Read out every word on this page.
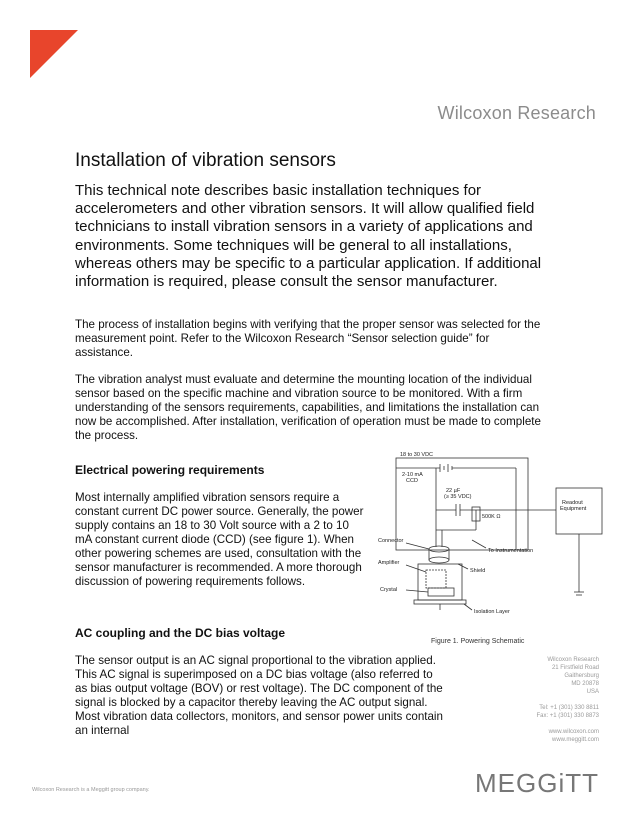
Wilcoxon Research
Installation of vibration sensors

This technical note describes basic installation techniques for accelerometers and other vibration sensors. It will allow qualified field technicians to install vibration sensors in a variety of applications and environments. Some techniques will be general to all installations, whereas others may be specific to a particular application. If additional information is required, please consult the sensor manufacturer.

The process of installation begins with verifying that the proper sensor was selected for the measurement point. Refer to the Wilcoxon Research “Sensor selection guide” for assistance.

The vibration analyst must evaluate and determine the mounting location of the individual sensor based on the specific machine and vibration source to be monitored. With a firm understanding of the sensors requirements, capabilities, and limitations the installation can now be accomplished. After installation, verification of operation must be made to complete the process.

Electrical powering requirements

Most internally amplified vibration sensors require a constant current DC power source. Generally, the power supply contains an 18 to 30 Volt source with a 2 to 10 mA constant current diode (CCD) (see figure 1). When other powering schemes are used, consultation with the sensor manufacturer is recommended. A more thorough discussion of powering requirements follows.

AC coupling and the DC bias voltage

The sensor output is an AC signal proportional to the vibration applied. This AC signal is superimposed on a DC bias voltage (also referred to as bias output voltage (BOV) or rest voltage). The DC component of the signal is blocked by a capacitor thereby leaving the AC output signal. Most vibration data collectors, monitors, and sensor power units contain an internal

18 to 30 VDC
2-10 mA
CCD
22 µF
(≥ 35 VDC)
500K Ω
Readout
Equipment
Connector
To Instrumentation
Amplifier
Shield
Crystal
Isolation Layer
Figure 1. Powering Schematic
Wilcoxon Research
21 Firstfield Road
Gaithersburg
MD 20878
USA
Tel: +1 (301) 330 8811
Fax: +1 (301) 330 8873
www.wilcoxon.com
www.meggitt.com
Wilcoxon Research is a Meggitt group company.	MEGGiTT
